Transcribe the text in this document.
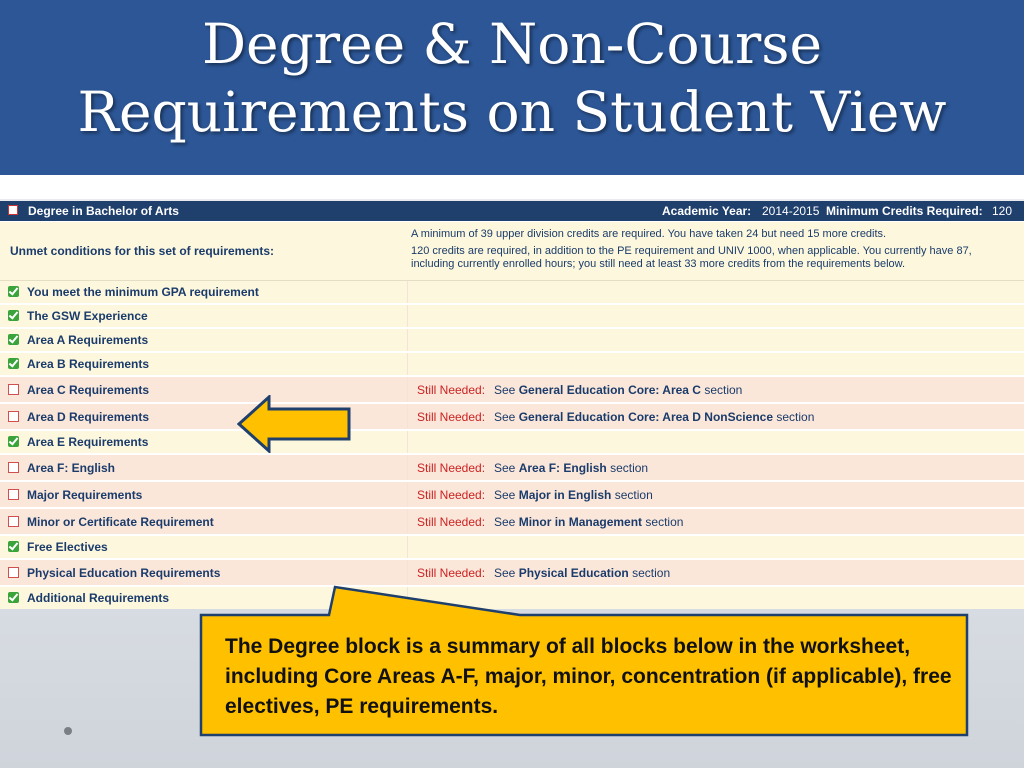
Degree & Non-Course
Requirements on Student View
Degree in Bachelor of Arts	Academic Year: 2014-2015 Minimum Credits Required: 120
Unmet conditions for this set of requirements:
A minimum of 39 upper division credits are required. You have taken 24 but need 15 more credits.
120 credits are required, in addition to the PE requirement and UNIV 1000, when applicable. You currently have 87, including currently enrolled hours; you still need at least 33 more credits from the requirements below.
You meet the minimum GPA requirement
The GSW Experience
Area A Requirements
Area B Requirements
Area C Requirements	Still Needed: See General Education Core: Area C section
Area D Requirements	Still Needed: See General Education Core: Area D NonScience section
Area E Requirements
Area F: English	Still Needed: See Area F: English section
Major Requirements	Still Needed: See Major in English section
Minor or Certificate Requirement	Still Needed: See Minor in Management section
Free Electives
Physical Education Requirements	Still Needed: See Physical Education section
Additional Requirements
The Degree block is a summary of all blocks below in the worksheet, including Core Areas A-F, major, minor, concentration (if applicable), free electives, PE requirements.
